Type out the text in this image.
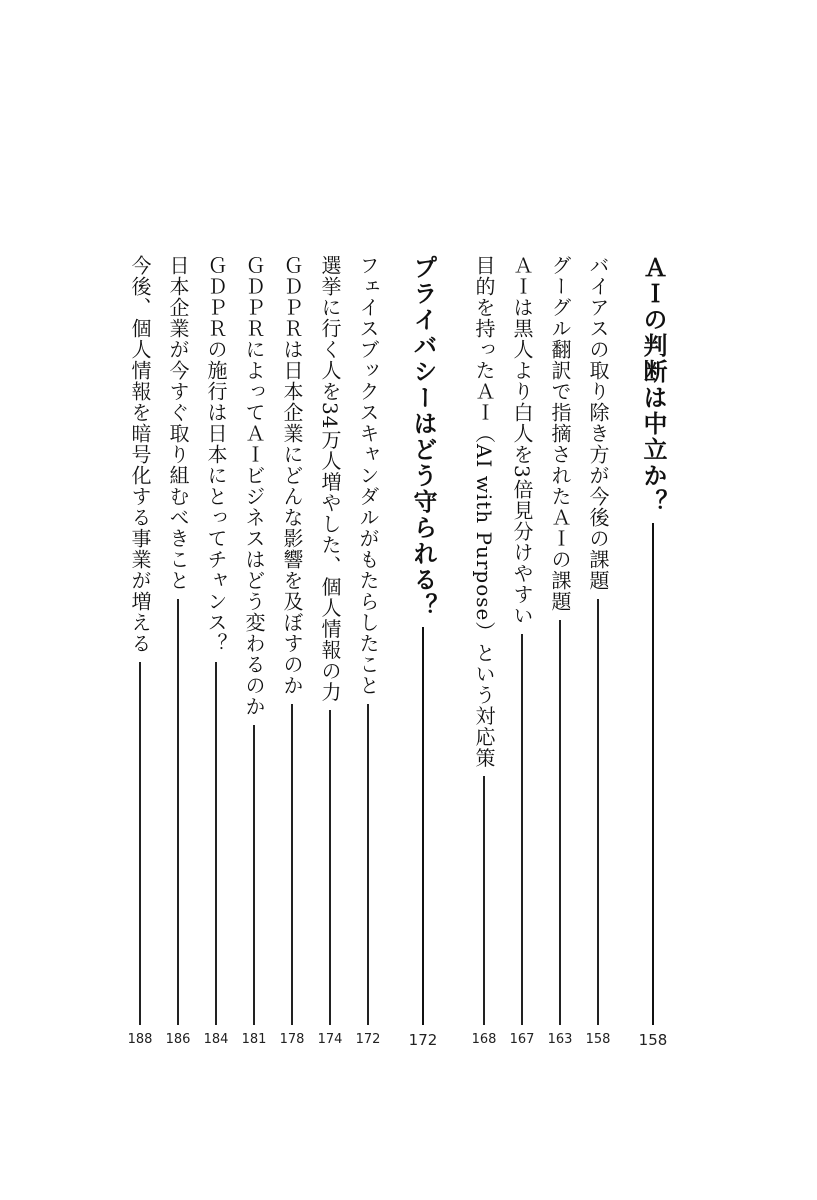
ＡＩの判断は中立か？
158
バイアスの取り除き方が今後の課題
158
グーグル翻訳で指摘されたＡＩの課題
163
ＡＩは黒人より白人を3倍見分けやすい
167
目的を持ったＡＩ（AI with Purpose）という対応策
168
プライバシーはどう守られる？
172
フェイスブックスキャンダルがもたらしたこと
172
選挙に行く人を34万人増やした、個人情報の力
174
ＧＤＰＲは日本企業にどんな影響を及ぼすのか
178
ＧＤＰＲによってＡＩビジネスはどう変わるのか
181
ＧＤＰＲの施行は日本にとってチャンス？
184
日本企業が今すぐ取り組むべきこと
186
今後、個人情報を暗号化する事業が増える
188
